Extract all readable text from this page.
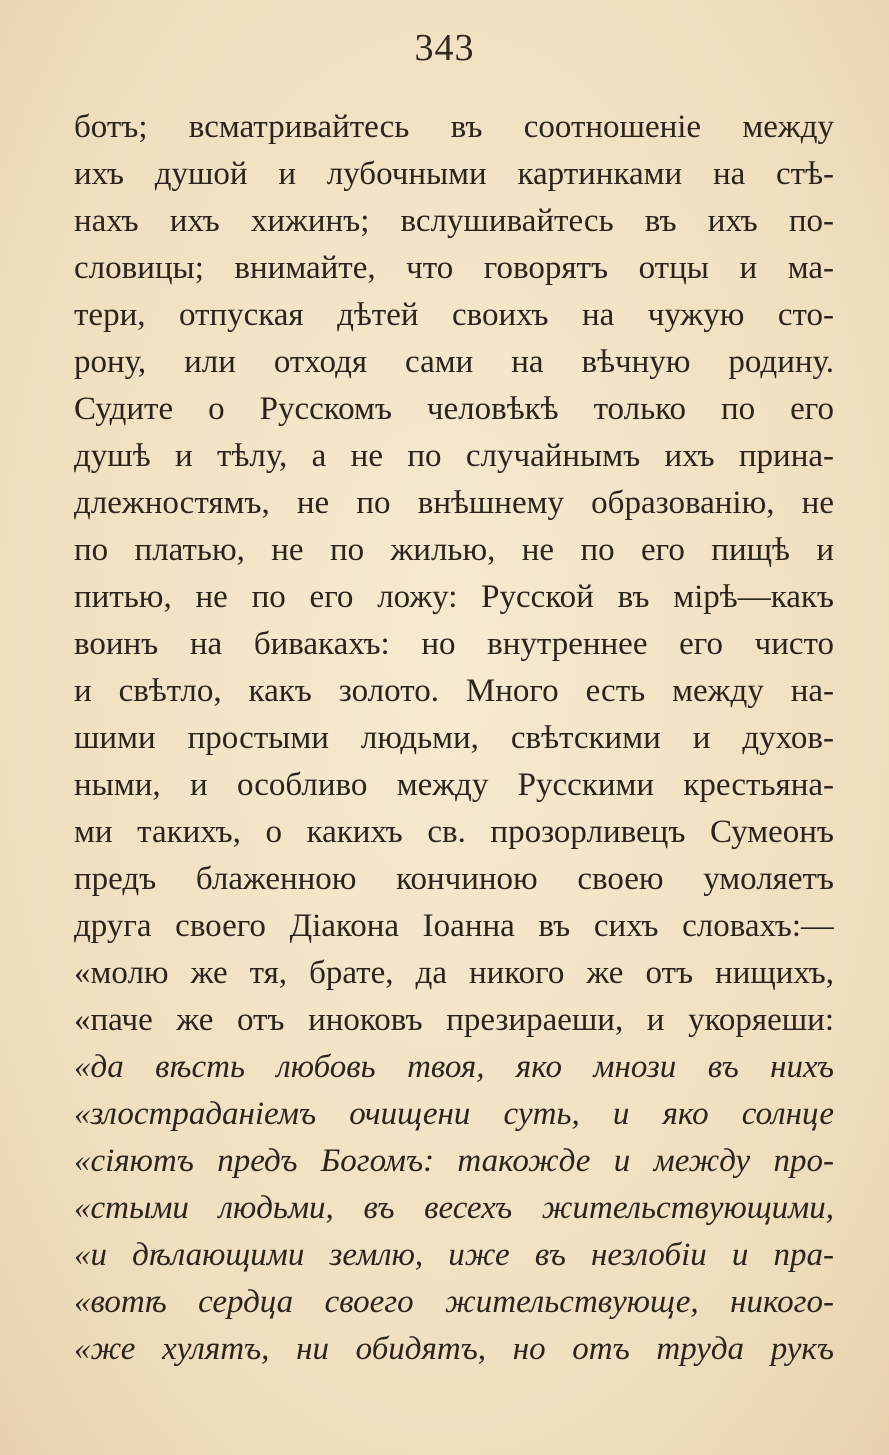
343
ботъ; всматривайтесь въ соотношеніе между
ихъ душой и лубочными картинками на стѣ-
нахъ ихъ хижинъ; вслушивайтесь въ ихъ по-
словицы; внимайте, что говорятъ отцы и ма-
тери, отпуская дѣтей своихъ на чужую сто-
рону, или отходя сами на вѣчную родину.
Судите о Русскомъ человѣкѣ только по его
душѣ и тѣлу, а не по случайнымъ ихъ прина-
длежностямъ, не по внѣшнему образованію, не
по платью, не по жилью, не по его пищѣ и
питью, не по его ложу: Русской въ мірѣ—какъ
воинъ на бивакахъ: но внутреннее его чисто
и свѣтло, какъ золото. Много есть между на-
шими простыми людьми, свѣтскими и духов-
ными, и особливо между Русскими крестьяна-
ми такихъ, о какихъ св. прозорливецъ Сумеонъ
предъ блаженною кончиною своею умоляетъ
друга своего Діакона Іоанна въ сихъ словахъ:—
«молю же тя, брате, да никого же отъ нищихъ,
«паче же отъ иноковъ презираеши, и укоряеши:
«да вѣсть любовь твоя, яко мнози въ нихъ
«злостраданіемъ очищени суть, и яко солнце
«сіяютъ предъ Богомъ: такожде и между про-
«стыми людьми, въ весехъ жительствующими,
«и дѣлающими землю, иже въ незлобіи и пра-
«вотѣ сердца своего жительствующе, никого-
«же хулятъ, ни обидятъ, но отъ труда рукъ
